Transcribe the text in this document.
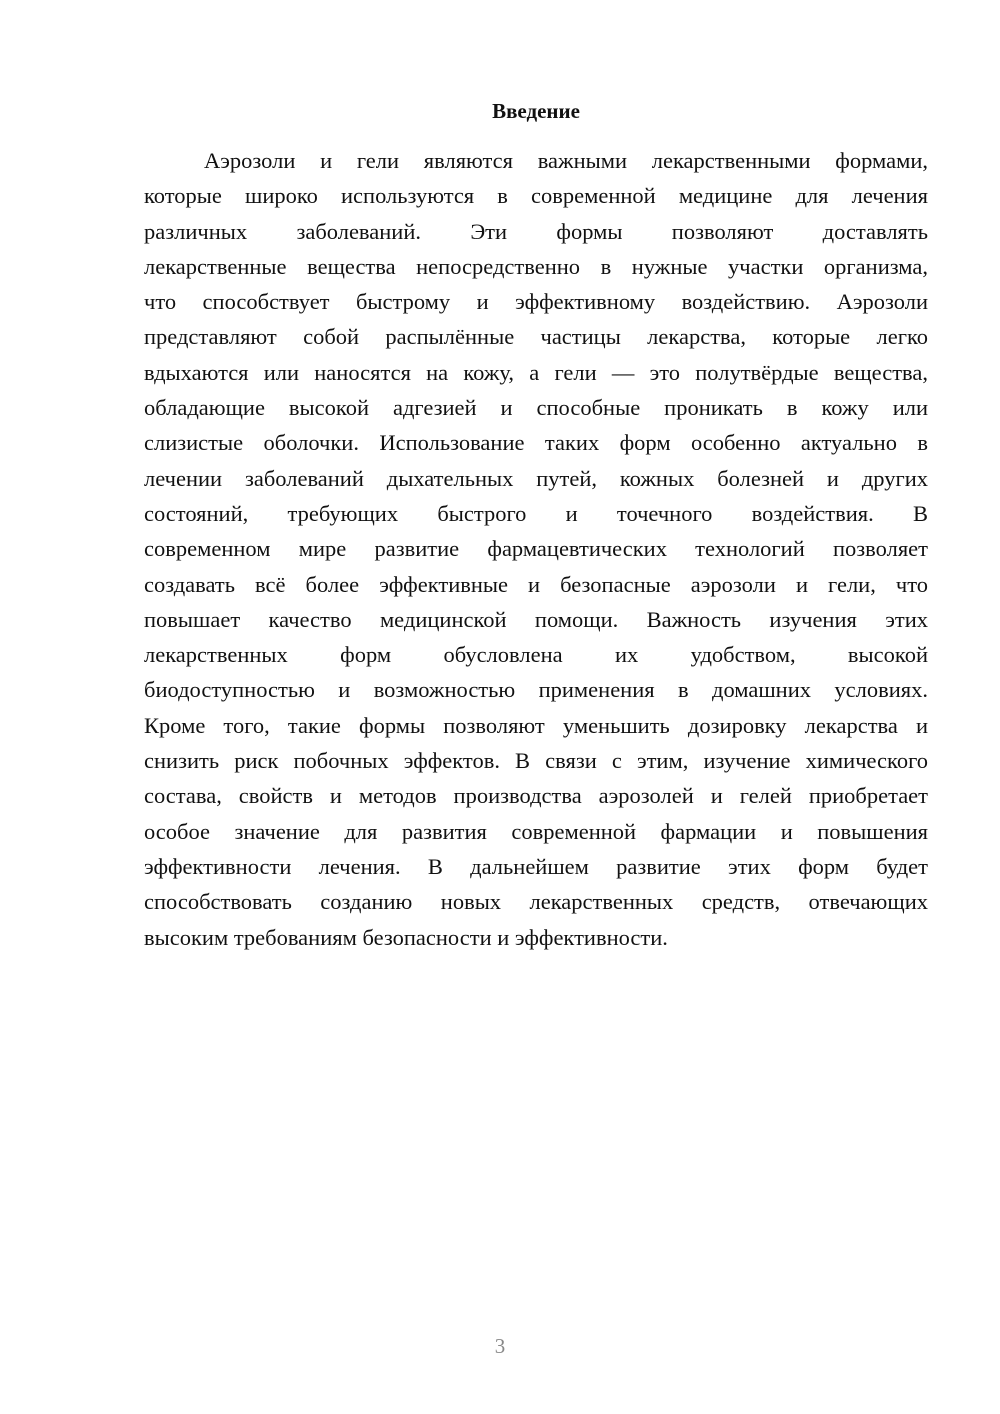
Введение
Аэрозоли и гели являются важными лекарственными формами,
которые широко используются в современной медицине для лечения
различных заболеваний. Эти формы позволяют доставлять
лекарственные вещества непосредственно в нужные участки организма,
что способствует быстрому и эффективному воздействию. Аэрозоли
представляют собой распылённые частицы лекарства, которые легко
вдыхаются или наносятся на кожу, а гели — это полутвёрдые вещества,
обладающие высокой адгезией и способные проникать в кожу или
слизистые оболочки. Использование таких форм особенно актуально в
лечении заболеваний дыхательных путей, кожных болезней и других
состояний, требующих быстрого и точечного воздействия. В
современном мире развитие фармацевтических технологий позволяет
создавать всё более эффективные и безопасные аэрозоли и гели, что
повышает качество медицинской помощи. Важность изучения этих
лекарственных форм обусловлена их удобством, высокой
биодоступностью и возможностью применения в домашних условиях.
Кроме того, такие формы позволяют уменьшить дозировку лекарства и
снизить риск побочных эффектов. В связи с этим, изучение химического
состава, свойств и методов производства аэрозолей и гелей приобретает
особое значение для развития современной фармации и повышения
эффективности лечения. В дальнейшем развитие этих форм будет
способствовать созданию новых лекарственных средств, отвечающих
высоким требованиям безопасности и эффективности.
3
